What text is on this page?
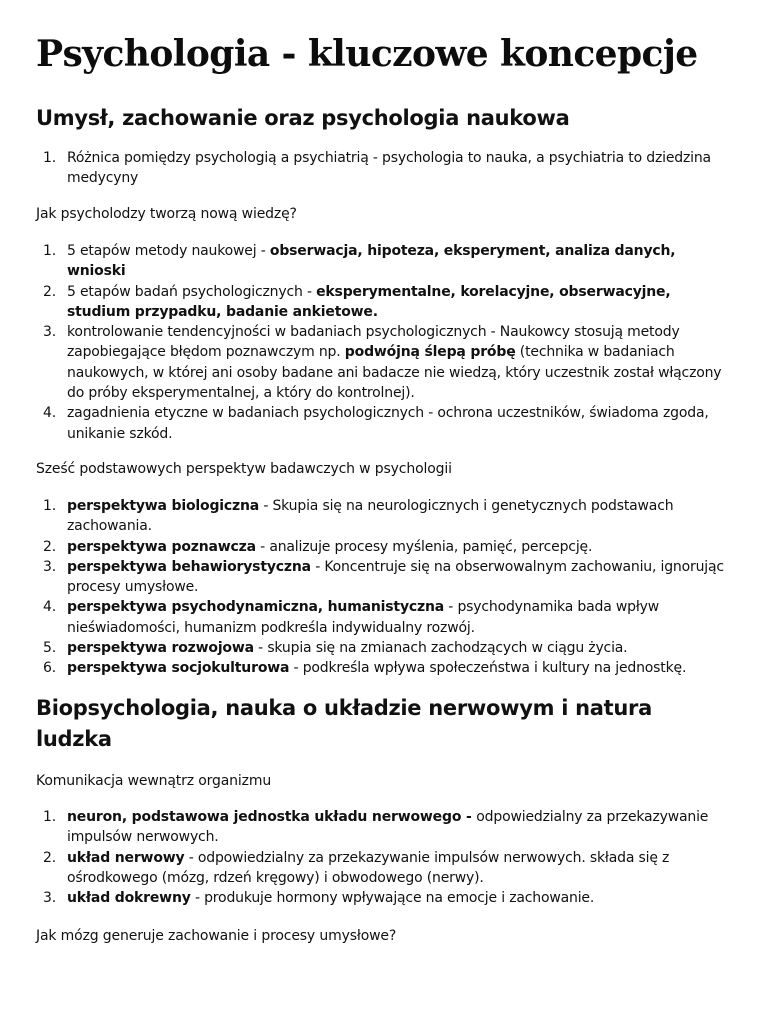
Psychologia - kluczowe koncepcje
Umysł, zachowanie oraz psychologia naukowa
1. Różnica pomiędzy psychologią a psychiatrią - psychologia to nauka, a psychiatria to dziedzina medycyny

Jak psycholodzy tworzą nową wiedzę?

1. 5 etapów metody naukowej - obserwacja, hipoteza, eksperyment, analiza danych, wnioski
2. 5 etapów badań psychologicznych - eksperymentalne, korelacyjne, obserwacyjne, studium przypadku, badanie ankietowe.
3. kontrolowanie tendencyjności w badaniach psychologicznych - Naukowcy stosują metody zapobiegające błędom poznawczym np. podwójną ślepą próbę (technika w badaniach naukowych, w której ani osoby badane ani badacze nie wiedzą, który uczestnik został włączony do próby eksperymentalnej, a który do kontrolnej).
4. zagadnienia etyczne w badaniach psychologicznych - ochrona uczestników, świadoma zgoda, unikanie szkód.

Sześć podstawowych perspektyw badawczych w psychologii

1. perspektywa biologiczna - Skupia się na neurologicznych i genetycznych podstawach zachowania.
2. perspektywa poznawcza - analizuje procesy myślenia, pamięć, percepcję.
3. perspektywa behawiorystyczna - Koncentruje się na obserwowalnym zachowaniu, ignorując procesy umysłowe.
4. perspektywa psychodynamiczna, humanistyczna - psychodynamika bada wpływ nieświadomości, humanizm podkreśla indywidualny rozwój.
5. perspektywa rozwojowa - skupia się na zmianach zachodzących w ciągu życia.
6. perspektywa socjokulturowa - podkreśla wpływa społeczeństwa i kultury na jednostkę.
Biopsychologia, nauka o układzie nerwowym i natura ludzka

Komunikacja wewnątrz organizmu

1. neuron, podstawowa jednostka układu nerwowego - odpowiedzialny za przekazywanie impulsów nerwowych.
2. układ nerwowy - odpowiedzialny za przekazywanie impulsów nerwowych. składa się z ośrodkowego (mózg, rdzeń kręgowy) i obwodowego (nerwy).
3. układ dokrewny - produkuje hormony wpływające na emocje i zachowanie.

Jak mózg generuje zachowanie i procesy umysłowe?
